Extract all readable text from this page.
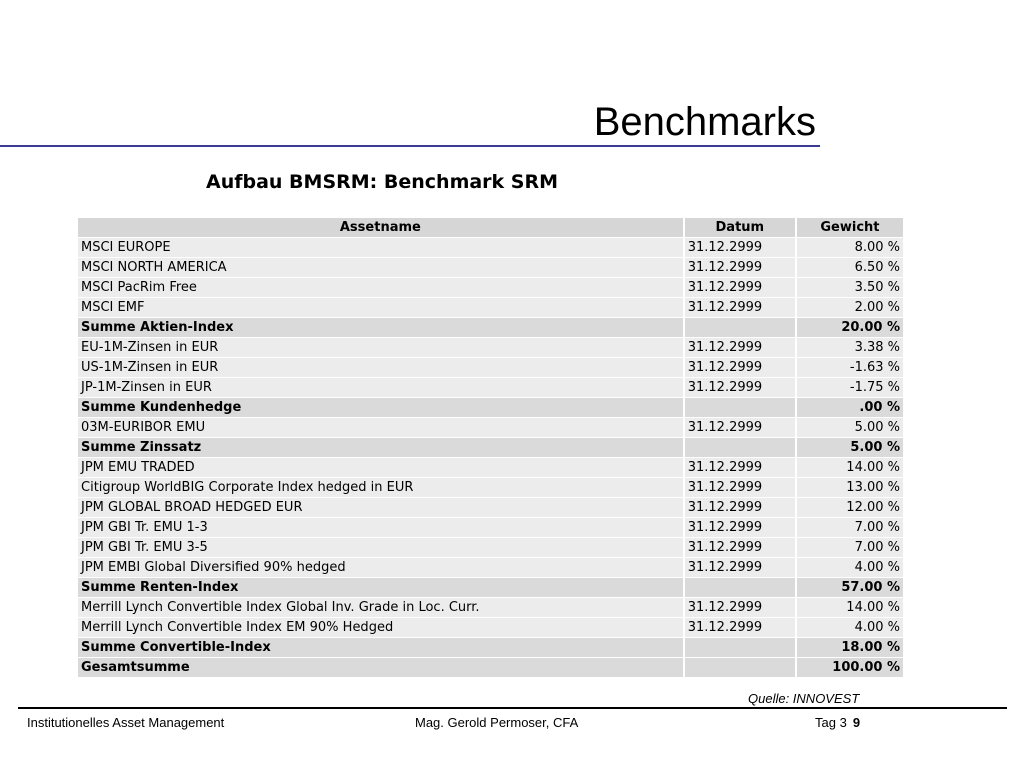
Benchmarks
Aufbau BMSRM: Benchmark SRM
Assetname	Datum	Gewicht
MSCI EUROPE	31.12.2999	8.00 %
MSCI NORTH AMERICA	31.12.2999	6.50 %
MSCI PacRim Free	31.12.2999	3.50 %
MSCI EMF	31.12.2999	2.00 %
Summe Aktien-Index		20.00 %
EU-1M-Zinsen in EUR	31.12.2999	3.38 %
US-1M-Zinsen in EUR	31.12.2999	-1.63 %
JP-1M-Zinsen in EUR	31.12.2999	-1.75 %
Summe Kundenhedge		.00 %
03M-EURIBOR EMU	31.12.2999	5.00 %
Summe Zinssatz		5.00 %
JPM EMU TRADED	31.12.2999	14.00 %
Citigroup WorldBIG Corporate Index hedged in EUR	31.12.2999	13.00 %
JPM GLOBAL BROAD HEDGED EUR	31.12.2999	12.00 %
JPM GBI Tr. EMU 1-3	31.12.2999	7.00 %
JPM GBI Tr. EMU 3-5	31.12.2999	7.00 %
JPM EMBI Global Diversified 90% hedged	31.12.2999	4.00 %
Summe Renten-Index		57.00 %
Merrill Lynch Convertible Index Global Inv. Grade in Loc. Curr.	31.12.2999	14.00 %
Merrill Lynch Convertible Index EM 90% Hedged	31.12.2999	4.00 %
Summe Convertible-Index		18.00 %
Gesamtsumme		100.00 %
Quelle: INNOVEST
Institutionelles Asset Management	Mag. Gerold Permoser, CFA	Tag 3 9
